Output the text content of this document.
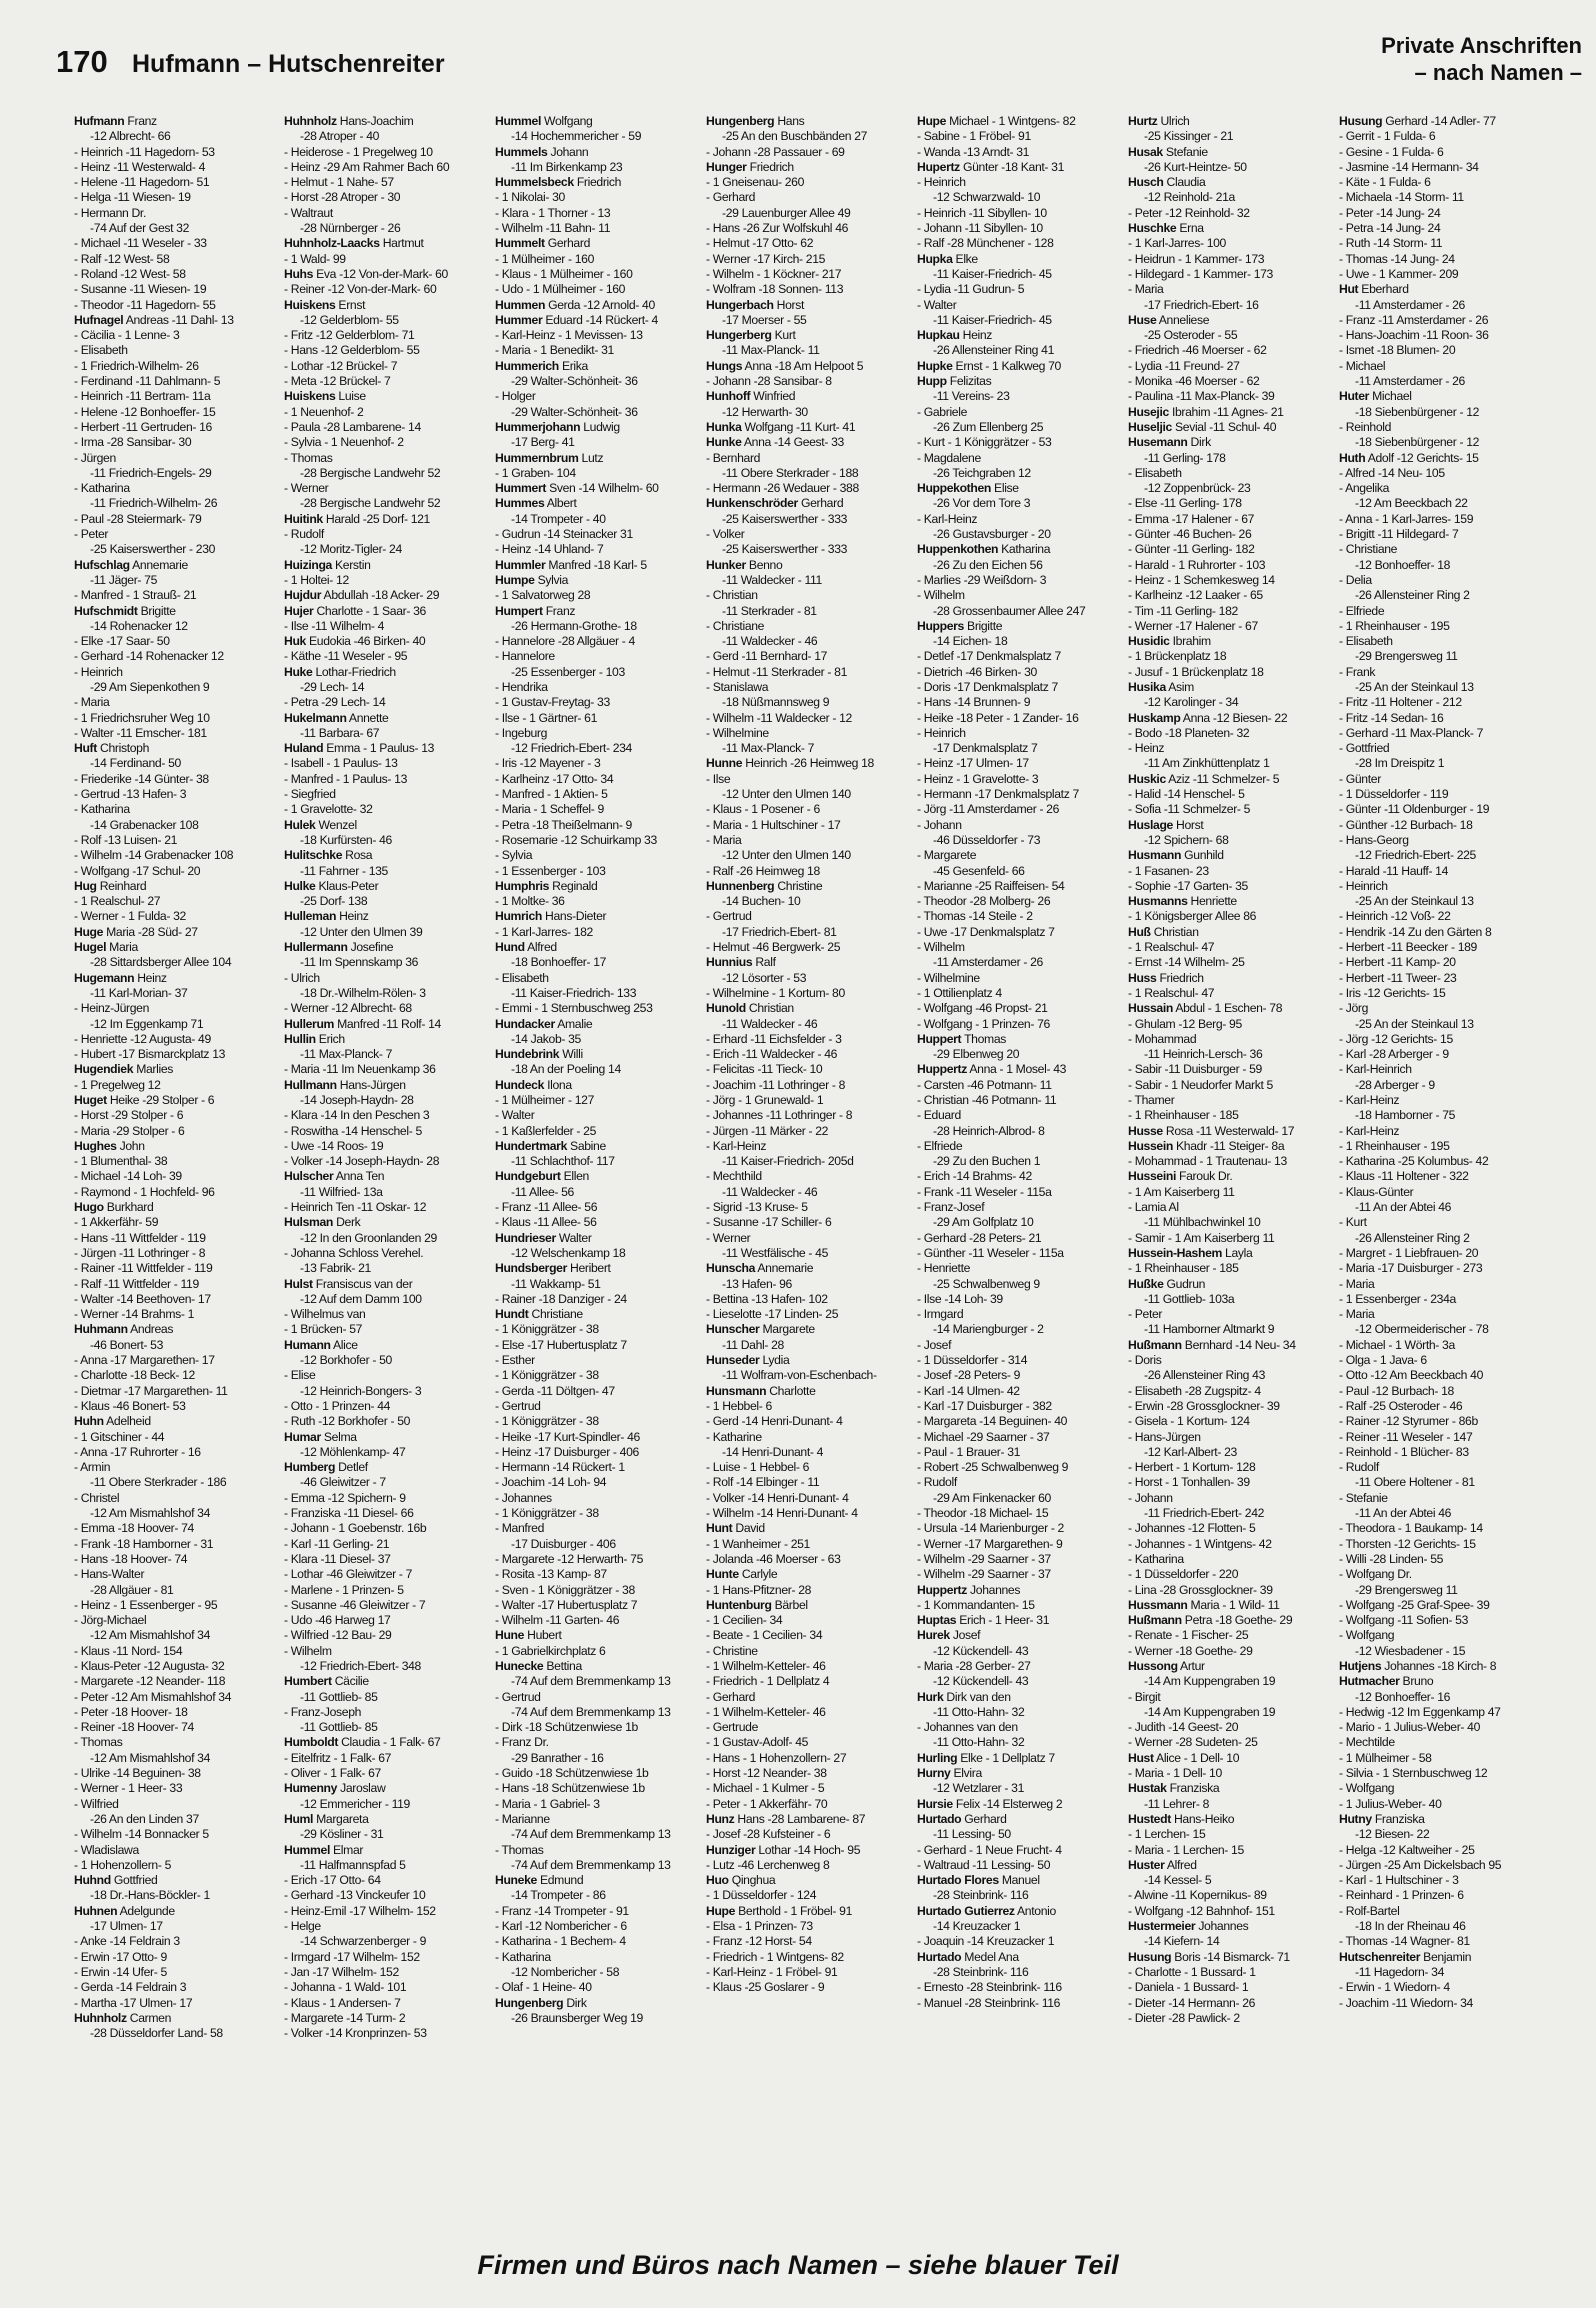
170 Hufmann – Hutschenreiter
Private Anschriften
– nach Namen –

Hufmann Franz

-12 Albrecht- 66

- Heinrich -11 Hagedorn- 53

- Heinz -11 Westerwald- 4

- Helene -11 Hagedorn- 51

- Helga -11 Wiesen- 19

- Hermann Dr.

-74 Auf der Gest 32

- Michael -11 Weseler - 33

- Ralf -12 West- 58

- Roland -12 West- 58

- Susanne -11 Wiesen- 19

- Theodor -11 Hagedorn- 55

Hufnagel Andreas -11 Dahl- 13

- Cäcilia - 1 Lenne- 3

- Elisabeth

- 1 Friedrich-Wilhelm- 26

- Ferdinand -11 Dahlmann- 5

- Heinrich -11 Bertram- 11a

- Helene -12 Bonhoeffer- 15

- Herbert -11 Gertruden- 16

- Irma -28 Sansibar- 30

- Jürgen

-11 Friedrich-Engels- 29

- Katharina

-11 Friedrich-Wilhelm- 26

- Paul -28 Steiermark- 79

- Peter

-25 Kaiserswerther - 230

Hufschlag Annemarie

-11 Jäger- 75

- Manfred - 1 Strauß- 21

Hufschmidt Brigitte

-14 Rohenacker 12

- Elke -17 Saar- 50

- Gerhard -14 Rohenacker 12

- Heinrich

-29 Am Siepenkothen 9

- Maria

- 1 Friedrichsruher Weg 10

- Walter -11 Emscher- 181

Huft Christoph

-14 Ferdinand- 50

- Friederike -14 Günter- 38

- Gertrud -13 Hafen- 3

- Katharina

-14 Grabenacker 108

- Rolf -13 Luisen- 21

- Wilhelm -14 Grabenacker 108

- Wolfgang -17 Schul- 20

Hug Reinhard

- 1 Realschul- 27

- Werner - 1 Fulda- 32

Huge Maria -28 Süd- 27

Hugel Maria

-28 Sittardsberger Allee 104

Hugemann Heinz

-11 Karl-Morian- 37

- Heinz-Jürgen

-12 Im Eggenkamp 71

- Henriette -12 Augusta- 49

- Hubert -17 Bismarckplatz 13

Hugendiek Marlies

- 1 Pregelweg 12

Huget Heike -29 Stolper - 6

- Horst -29 Stolper - 6

- Maria -29 Stolper - 6

Hughes John

- 1 Blumenthal- 38

- Michael -14 Loh- 39

- Raymond - 1 Hochfeld- 96

Hugo Burkhard

- 1 Akkerfähr- 59

- Hans -11 Wittfelder - 119

- Jürgen -11 Lothringer - 8

- Rainer -11 Wittfelder - 119

- Ralf -11 Wittfelder - 119

- Walter -14 Beethoven- 17

- Werner -14 Brahms- 1

Huhmann Andreas

-46 Bonert- 53

- Anna -17 Margarethen- 17

- Charlotte -18 Beck- 12

- Dietmar -17 Margarethen- 11

- Klaus -46 Bonert- 53

Huhn Adelheid

- 1 Gitschiner - 44

- Anna -17 Ruhrorter - 16

- Armin

-11 Obere Sterkrader - 186

- Christel

-12 Am Mismahlshof 34

- Emma -18 Hoover- 74

- Frank -18 Hamborner - 31

- Hans -18 Hoover- 74

- Hans-Walter

-28 Allgäuer - 81

- Heinz - 1 Essenberger - 95

- Jörg-Michael

-12 Am Mismahlshof 34

- Klaus -11 Nord- 154

- Klaus-Peter -12 Augusta- 32

- Margarete -12 Neander- 118

- Peter -12 Am Mismahlshof 34

- Peter -18 Hoover- 18

- Reiner -18 Hoover- 74

- Thomas

-12 Am Mismahlshof 34

- Ulrike -14 Beguinen- 38

- Werner - 1 Heer- 33

- Wilfried

-26 An den Linden 37

- Wilhelm -14 Bonnacker 5

- Wladislawa

- 1 Hohenzollern- 5

Huhnd Gottfried

-18 Dr.-Hans-Böckler- 1

Huhnen Adelgunde

-17 Ulmen- 17

- Anke -14 Feldrain 3

- Erwin -17 Otto- 9

- Erwin -14 Ufer- 5

- Gerda -14 Feldrain 3

- Martha -17 Ulmen- 17

Huhnholz Carmen

-28 Düsseldorfer Land- 58

Huhnholz Hans-Joachim

-28 Atroper - 40

- Heiderose - 1 Pregelweg 10

- Heinz -29 Am Rahmer Bach 60

- Helmut - 1 Nahe- 57

- Horst -28 Atroper - 30

- Waltraut

-28 Nürnberger - 26

Huhnholz-Laacks Hartmut

- 1 Wald- 99

Huhs Eva -12 Von-der-Mark- 60

- Reiner -12 Von-der-Mark- 60

Huiskens Ernst

-12 Gelderblom- 55

- Fritz -12 Gelderblom- 71

- Hans -12 Gelderblom- 55

- Lothar -12 Brückel- 7

- Meta -12 Brückel- 7

Huiskens Luise

- 1 Neuenhof- 2

- Paula -28 Lambarene- 14

- Sylvia - 1 Neuenhof- 2

- Thomas

-28 Bergische Landwehr 52

- Werner

-28 Bergische Landwehr 52

Huitink Harald -25 Dorf- 121

- Rudolf

-12 Moritz-Tigler- 24

Huizinga Kerstin

- 1 Holtei- 12

Hujdur Abdullah -18 Acker- 29

Hujer Charlotte - 1 Saar- 36

- Ilse -11 Wilhelm- 4

Huk Eudokia -46 Birken- 40

- Käthe -11 Weseler - 95

Huke Lothar-Friedrich

-29 Lech- 14

- Petra -29 Lech- 14

Hukelmann Annette

-11 Barbara- 67

Huland Emma - 1 Paulus- 13

- Isabell - 1 Paulus- 13

- Manfred - 1 Paulus- 13

- Siegfried

- 1 Gravelotte- 32

Hulek Wenzel

-18 Kurfürsten- 46

Hulitschke Rosa

-11 Fahrner - 135

Hulke Klaus-Peter

-25 Dorf- 138

Hulleman Heinz

-12 Unter den Ulmen 39

Hullermann Josefine

-11 Im Spennskamp 36

- Ulrich

-18 Dr.-Wilhelm-Rölen- 3

- Werner -12 Albrecht- 68

Hullerum Manfred -11 Rolf- 14

Hullin Erich

-11 Max-Planck- 7

- Maria -11 Im Neuenkamp 36

Hullmann Hans-Jürgen

-14 Joseph-Haydn- 28

- Klara -14 In den Peschen 3

- Roswitha -14 Henschel- 5

- Uwe -14 Roos- 19

- Volker -14 Joseph-Haydn- 28

Hulscher Anna Ten

-11 Wilfried- 13a

- Heinrich Ten -11 Oskar- 12

Hulsman Derk

-12 In den Groonlanden 29

- Johanna Schloss Verehel.

-13 Fabrik- 21

Hulst Fransiscus van der

-12 Auf dem Damm 100

- Wilhelmus van

- 1 Brücken- 57

Humann Alice

-12 Borkhofer - 50

- Elise

-12 Heinrich-Bongers- 3

- Otto - 1 Prinzen- 44

- Ruth -12 Borkhofer - 50

Humar Selma

-12 Möhlenkamp- 47

Humberg Detlef

-46 Gleiwitzer - 7

- Emma -12 Spichern- 9

- Franziska -11 Diesel- 66

- Johann - 1 Goebenstr. 16b

- Karl -11 Gerling- 21

- Klara -11 Diesel- 37

- Lothar -46 Gleiwitzer - 7

- Marlene - 1 Prinzen- 5

- Susanne -46 Gleiwitzer - 7

- Udo -46 Harweg 17

- Wilfried -12 Bau- 29

- Wilhelm

-12 Friedrich-Ebert- 348

Humbert Cäcilie

-11 Gottlieb- 85

- Franz-Joseph

-11 Gottlieb- 85

Humboldt Claudia - 1 Falk- 67

- Eitelfritz - 1 Falk- 67

- Oliver - 1 Falk- 67

Humenny Jaroslaw

-12 Emmericher - 119

Huml Margareta

-29 Kösliner - 31

Hummel Elmar

-11 Halfmannspfad 5

- Erich -17 Otto- 64

- Gerhard -13 Vinckeufer 10

- Heinz-Emil -17 Wilhelm- 152

- Helge

-14 Schwarzenberger - 9

- Irmgard -17 Wilhelm- 152

- Jan -17 Wilhelm- 152

- Johanna - 1 Wald- 101

- Klaus - 1 Andersen- 7

- Margarete -14 Turm- 2

- Volker -14 Kronprinzen- 53

Hummel Wolfgang

-14 Hochemmericher - 59

Hummels Johann

-11 Im Birkenkamp 23

Hummelsbeck Friedrich

- 1 Nikolai- 30

- Klara - 1 Thorner - 13

- Wilhelm -11 Bahn- 11

Hummelt Gerhard

- 1 Mülheimer - 160

- Klaus - 1 Mülheimer - 160

- Udo - 1 Mülheimer - 160

Hummen Gerda -12 Arnold- 40

Hummer Eduard -14 Rückert- 4

- Karl-Heinz - 1 Mevissen- 13

- Maria - 1 Benedikt- 31

Hummerich Erika

-29 Walter-Schönheit- 36

- Holger

-29 Walter-Schönheit- 36

Hummerjohann Ludwig

-17 Berg- 41

Hummernbrum Lutz

- 1 Graben- 104

Hummert Sven -14 Wilhelm- 60

Hummes Albert

-14 Trompeter - 40

- Gudrun -14 Steinacker 31

- Heinz -14 Uhland- 7

Hummler Manfred -18 Karl- 5

Humpe Sylvia

- 1 Salvatorweg 28

Humpert Franz

-26 Hermann-Grothe- 18

- Hannelore -28 Allgäuer - 4

- Hannelore

-25 Essenberger - 103

- Hendrika

- 1 Gustav-Freytag- 33

- Ilse - 1 Gärtner- 61

- Ingeburg

-12 Friedrich-Ebert- 234

- Iris -12 Mayener - 3

- Karlheinz -17 Otto- 34

- Manfred - 1 Aktien- 5

- Maria - 1 Scheffel- 9

- Petra -18 Theißelmann- 9

- Rosemarie -12 Schuirkamp 33

- Sylvia

- 1 Essenberger - 103

Humphris Reginald

- 1 Moltke- 36

Humrich Hans-Dieter

- 1 Karl-Jarres- 182

Hund Alfred

-18 Bonhoeffer- 17

- Elisabeth

-11 Kaiser-Friedrich- 133

- Emmi - 1 Sternbuschweg 253

Hundacker Amalie

-14 Jakob- 35

Hundebrink Willi

-18 An der Poeling 14

Hundeck Ilona

- 1 Mülheimer - 127

- Walter

- 1 Kaßlerfelder - 25

Hundertmark Sabine

-11 Schlachthof- 117

Hundgeburt Ellen

-11 Allee- 56

- Franz -11 Allee- 56

- Klaus -11 Allee- 56

Hundrieser Walter

-12 Welschenkamp 18

Hundsberger Heribert

-11 Wakkamp- 51

- Rainer -18 Danziger - 24

Hundt Christiane

- 1 Königgrätzer - 38

- Else -17 Hubertusplatz 7

- Esther

- 1 Königgrätzer - 38

- Gerda -11 Döltgen- 47

- Gertrud

- 1 Königgrätzer - 38

- Heike -17 Kurt-Spindler- 46

- Heinz -17 Duisburger - 406

- Hermann -14 Rückert- 1

- Joachim -14 Loh- 94

- Johannes

- 1 Königgrätzer - 38

- Manfred

-17 Duisburger - 406

- Margarete -12 Herwarth- 75

- Rosita -13 Kamp- 87

- Sven - 1 Königgrätzer - 38

- Walter -17 Hubertusplatz 7

- Wilhelm -11 Garten- 46

Hune Hubert

- 1 Gabrielkirchplatz 6

Hunecke Bettina

-74 Auf dem Bremmenkamp 13

- Gertrud

-74 Auf dem Bremmenkamp 13

- Dirk -18 Schützenwiese 1b

- Franz Dr.

-29 Banrather - 16

- Guido -18 Schützenwiese 1b

- Hans -18 Schützenwiese 1b

- Maria - 1 Gabriel- 3

- Marianne

-74 Auf dem Bremmenkamp 13

- Thomas

-74 Auf dem Bremmenkamp 13

Huneke Edmund

-14 Trompeter - 86

- Franz -14 Trompeter - 91

- Karl -12 Nombericher - 6

- Katharina - 1 Bechem- 4

- Katharina

-12 Nombericher - 58

- Olaf - 1 Heine- 40

Hungenberg Dirk

-26 Braunsberger Weg 19

Hungenberg Hans

-25 An den Buschbänden 27

- Johann -28 Passauer - 69

Hunger Friedrich

- 1 Gneisenau- 260

- Gerhard

-29 Lauenburger Allee 49

- Hans -26 Zur Wolfskuhl 46

- Helmut -17 Otto- 62

- Werner -17 Kirch- 215

- Wilhelm - 1 Köckner- 217

- Wolfram -18 Sonnen- 113

Hungerbach Horst

-17 Moerser - 55

Hungerberg Kurt

-11 Max-Planck- 11

Hungs Anna -18 Am Helpoot 5

- Johann -28 Sansibar- 8

Hunhoff Winfried

-12 Herwarth- 30

Hunka Wolfgang -11 Kurt- 41

Hunke Anna -14 Geest- 33

- Bernhard

-11 Obere Sterkrader - 188

- Hermann -26 Wedauer - 388

Hunkenschröder Gerhard

-25 Kaiserswerther - 333

- Volker

-25 Kaiserswerther - 333

Hunker Benno

-11 Waldecker - 111

- Christian

-11 Sterkrader - 81

- Christiane

-11 Waldecker - 46

- Gerd -11 Bernhard- 17

- Helmut -11 Sterkrader - 81

- Stanislawa

-18 Nüßmannsweg 9

- Wilhelm -11 Waldecker - 12

- Wilhelmine

-11 Max-Planck- 7

Hunne Heinrich -26 Heimweg 18

- Ilse

-12 Unter den Ulmen 140

- Klaus - 1 Posener - 6

- Maria - 1 Hultschiner - 17

- Maria

-12 Unter den Ulmen 140

- Ralf -26 Heimweg 18

Hunnenberg Christine

-14 Buchen- 10

- Gertrud

-17 Friedrich-Ebert- 81

- Helmut -46 Bergwerk- 25

Hunnius Ralf

-12 Lösorter - 53

- Wilhelmine - 1 Kortum- 80

Hunold Christian

-11 Waldecker - 46

- Erhard -11 Eichsfelder - 3

- Erich -11 Waldecker - 46

- Felicitas -11 Tieck- 10

- Joachim -11 Lothringer - 8

- Jörg - 1 Grunewald- 1

- Johannes -11 Lothringer - 8

- Jürgen -11 Märker - 22

- Karl-Heinz

-11 Kaiser-Friedrich- 205d

- Mechthild

-11 Waldecker - 46

- Sigrid -13 Kruse- 5

- Susanne -17 Schiller- 6

- Werner

-11 Westfälische - 45

Hunscha Annemarie

-13 Hafen- 96

- Bettina -13 Hafen- 102

- Lieselotte -17 Linden- 25

Hunscher Margarete

-11 Dahl- 28

Hunseder Lydia

-11 Wolfram-von-Eschenbach-

Hunsmann Charlotte

- 1 Hebbel- 6

- Gerd -14 Henri-Dunant- 4

- Katharine

-14 Henri-Dunant- 4

- Luise - 1 Hebbel- 6

- Rolf -14 Elbinger - 11

- Volker -14 Henri-Dunant- 4

- Wilhelm -14 Henri-Dunant- 4

Hunt David

- 1 Wanheimer - 251

- Jolanda -46 Moerser - 63

Hunte Carlyle

- 1 Hans-Pfitzner- 28

Huntenburg Bärbel

- 1 Cecilien- 34

- Beate - 1 Cecilien- 34

- Christine

- 1 Wilhelm-Ketteler- 46

- Friedrich - 1 Dellplatz 4

- Gerhard

- 1 Wilhelm-Ketteler- 46

- Gertrude

- 1 Gustav-Adolf- 45

- Hans - 1 Hohenzollern- 27

- Horst -12 Neander- 38

- Michael - 1 Kulmer - 5

- Peter - 1 Akkerfähr- 70

Hunz Hans -28 Lambarene- 87

- Josef -28 Kufsteiner - 6

Hunziger Lothar -14 Hoch- 95

- Lutz -46 Lerchenweg 8

Huo Qinghua

- 1 Düsseldorfer - 124

Hupe Berthold - 1 Fröbel- 91

- Elsa - 1 Prinzen- 73

- Franz -12 Horst- 54

- Friedrich - 1 Wintgens- 82

- Karl-Heinz - 1 Fröbel- 91

- Klaus -25 Goslarer - 9

Hupe Michael - 1 Wintgens- 82

- Sabine - 1 Fröbel- 91

- Wanda -13 Arndt- 31

Hupertz Günter -18 Kant- 31

- Heinrich

-12 Schwarzwald- 10

- Heinrich -11 Sibyllen- 10

- Johann -11 Sibyllen- 10

- Ralf -28 Münchener - 128

Hupka Elke

-11 Kaiser-Friedrich- 45

- Lydia -11 Gudrun- 5

- Walter

-11 Kaiser-Friedrich- 45

Hupkau Heinz

-26 Allensteiner Ring 41

Hupke Ernst - 1 Kalkweg 70

Hupp Felizitas

-11 Vereins- 23

- Gabriele

-26 Zum Ellenberg 25

- Kurt - 1 Königgrätzer - 53

- Magdalene

-26 Teichgraben 12

Huppekothen Elise

-26 Vor dem Tore 3

- Karl-Heinz

-26 Gustavsburger - 20

Huppenkothen Katharina

-26 Zu den Eichen 56

- Marlies -29 Weißdorn- 3

- Wilhelm

-28 Grossenbaumer Allee 247

Huppers Brigitte

-14 Eichen- 18

- Detlef -17 Denkmalsplatz 7

- Dietrich -46 Birken- 30

- Doris -17 Denkmalsplatz 7

- Hans -14 Brunnen- 9

- Heike -18 Peter - 1 Zander- 16

- Heinrich

-17 Denkmalsplatz 7

- Heinz -17 Ulmen- 17

- Heinz - 1 Gravelotte- 3

- Hermann -17 Denkmalsplatz 7

- Jörg -11 Amsterdamer - 26

- Johann

-46 Düsseldorfer - 73

- Margarete

-45 Gesenfeld- 66

- Marianne -25 Raiffeisen- 54

- Theodor -28 Molberg- 26

- Thomas -14 Steile - 2

- Uwe -17 Denkmalsplatz 7

- Wilhelm

-11 Amsterdamer - 26

- Wilhelmine

- 1 Ottilienplatz 4

- Wolfgang -46 Propst- 21

- Wolfgang - 1 Prinzen- 76

Huppert Thomas

-29 Elbenweg 20

Huppertz Anna - 1 Mosel- 43

- Carsten -46 Potmann- 11

- Christian -46 Potmann- 11

- Eduard

-28 Heinrich-Albrod- 8

- Elfriede

-29 Zu den Buchen 1

- Erich -14 Brahms- 42

- Frank -11 Weseler - 115a

- Franz-Josef

-29 Am Golfplatz 10

- Gerhard -28 Peters- 21

- Günther -11 Weseler - 115a

- Henriette

-25 Schwalbenweg 9

- Ilse -14 Loh- 39

- Irmgard

-14 Mariengburger - 2

- Josef

- 1 Düsseldorfer - 314

- Josef -28 Peters- 9

- Karl -14 Ulmen- 42

- Karl -17 Duisburger - 382

- Margareta -14 Beguinen- 40

- Michael -29 Saarner - 37

- Paul - 1 Brauer- 31

- Robert -25 Schwalbenweg 9

- Rudolf

-29 Am Finkenacker 60

- Theodor -18 Michael- 15

- Ursula -14 Marienburger - 2

- Werner -17 Margarethen- 9

- Wilhelm -29 Saarner - 37

- Wilhelm -29 Saarner - 37

Huppertz Johannes

- 1 Kommandanten- 15

Huptas Erich - 1 Heer- 31

Hurek Josef

-12 Kückendell- 43

- Maria -28 Gerber- 27

-12 Kückendell- 43

Hurk Dirk van den

-11 Otto-Hahn- 32

- Johannes van den

-11 Otto-Hahn- 32

Hurling Elke - 1 Dellplatz 7

Hurny Elvira

-12 Wetzlarer - 31

Hursie Felix -14 Elsterweg 2

Hurtado Gerhard

-11 Lessing- 50

- Gerhard - 1 Neue Frucht- 4

- Waltraud -11 Lessing- 50

Hurtado Flores Manuel

-28 Steinbrink- 116

Hurtado Gutierrez Antonio

-14 Kreuzacker 1

- Joaquin -14 Kreuzacker 1

Hurtado Medel Ana

-28 Steinbrink- 116

- Ernesto -28 Steinbrink- 116

- Manuel -28 Steinbrink- 116

Hurtz Ulrich

-25 Kissinger - 21

Husak Stefanie

-26 Kurt-Heintze- 50

Husch Claudia

-12 Reinhold- 21a

- Peter -12 Reinhold- 32

Huschke Erna

- 1 Karl-Jarres- 100

- Heidrun - 1 Kammer- 173

- Hildegard - 1 Kammer- 173

- Maria

-17 Friedrich-Ebert- 16

Huse Anneliese

-25 Osteroder - 55

- Friedrich -46 Moerser - 62

- Lydia -11 Freund- 27

- Monika -46 Moerser - 62

- Paulina -11 Max-Planck- 39

Husejic Ibrahim -11 Agnes- 21

Huseljic Sevial -11 Schul- 40

Husemann Dirk

-11 Gerling- 178

- Elisabeth

-12 Zoppenbrück- 23

- Else -11 Gerling- 178

- Emma -17 Halener - 67

- Günter -46 Buchen- 26

- Günter -11 Gerling- 182

- Harald - 1 Ruhrorter - 103

- Heinz - 1 Schemkesweg 14

- Karlheinz -12 Laaker - 65

- Tim -11 Gerling- 182

- Werner -17 Halener - 67

Husidic Ibrahim

- 1 Brückenplatz 18

- Jusuf - 1 Brückenplatz 18

Husika Asim

-12 Karolinger - 34

Huskamp Anna -12 Biesen- 22

- Bodo -18 Planeten- 32

- Heinz

-11 Am Zinkhüttenplatz 1

Huskic Aziz -11 Schmelzer- 5

- Halid -14 Henschel- 5

- Sofia -11 Schmelzer- 5

Huslage Horst

-12 Spichern- 68

Husmann Gunhild

- 1 Fasanen- 23

- Sophie -17 Garten- 35

Husmanns Henriette

- 1 Königsberger Allee 86

Huß Christian

- 1 Realschul- 47

- Ernst -14 Wilhelm- 25

Huss Friedrich

- 1 Realschul- 47

Hussain Abdul - 1 Eschen- 78

- Ghulam -12 Berg- 95

- Mohammad

-11 Heinrich-Lersch- 36

- Sabir -11 Duisburger - 59

- Sabir - 1 Neudorfer Markt 5

- Thamer

- 1 Rheinhauser - 185

Husse Rosa -11 Westerwald- 17

Hussein Khadr -11 Steiger- 8a

- Mohammad - 1 Trautenau- 13

Husseini Farouk Dr.

- 1 Am Kaiserberg 11

- Lamia Al

-11 Mühlbachwinkel 10

- Samir - 1 Am Kaiserberg 11

Hussein-Hashem Layla

- 1 Rheinhauser - 185

Hußke Gudrun

-11 Gottlieb- 103a

- Peter

-11 Hamborner Altmarkt 9

Hußmann Bernhard -14 Neu- 34

- Doris

-26 Allensteiner Ring 43

- Elisabeth -28 Zugspitz- 4

- Erwin -28 Grossglockner- 39

- Gisela - 1 Kortum- 124

- Hans-Jürgen

-12 Karl-Albert- 23

- Herbert - 1 Kortum- 128

- Horst - 1 Tonhallen- 39

- Johann

-11 Friedrich-Ebert- 242

- Johannes -12 Flotten- 5

- Johannes - 1 Wintgens- 42

- Katharina

- 1 Düsseldorfer - 220

- Lina -28 Grossglockner- 39

Hussmann Maria - 1 Wild- 11

Hußmann Petra -18 Goethe- 29

- Renate - 1 Fischer- 25

- Werner -18 Goethe- 29

Hussong Artur

-14 Am Kuppengraben 19

- Birgit

-14 Am Kuppengraben 19

- Judith -14 Geest- 20

- Werner -28 Sudeten- 25

Hust Alice - 1 Dell- 10

- Maria - 1 Dell- 10

Hustak Franziska

-11 Lehrer- 8

Hustedt Hans-Heiko

- 1 Lerchen- 15

- Maria - 1 Lerchen- 15

Huster Alfred

-14 Kessel- 5

- Alwine -11 Kopernikus- 89

- Wolfgang -12 Bahnhof- 151

Hustermeier Johannes

-14 Kiefern- 14

Husung Boris -14 Bismarck- 71

- Charlotte - 1 Bussard- 1

- Daniela - 1 Bussard- 1

- Dieter -14 Hermann- 26

- Dieter -28 Pawlick- 2

Husung Gerhard -14 Adler- 77

- Gerrit - 1 Fulda- 6

- Gesine - 1 Fulda- 6

- Jasmine -14 Hermann- 34

- Käte - 1 Fulda- 6

- Michaela -14 Storm- 11

- Peter -14 Jung- 24

- Petra -14 Jung- 24

- Ruth -14 Storm- 11

- Thomas -14 Jung- 24

- Uwe - 1 Kammer- 209

Hut Eberhard

-11 Amsterdamer - 26

- Franz -11 Amsterdamer - 26

- Hans-Joachim -11 Roon- 36

- Ismet -18 Blumen- 20

- Michael

-11 Amsterdamer - 26

Huter Michael

-18 Siebenbürgener - 12

- Reinhold

-18 Siebenbürgener - 12

Huth Adolf -12 Gerichts- 15

- Alfred -14 Neu- 105

- Angelika

-12 Am Beeckbach 22

- Anna - 1 Karl-Jarres- 159

- Brigitt -11 Hildegard- 7

- Christiane

-12 Bonhoeffer- 18

- Delia

-26 Allensteiner Ring 2

- Elfriede

- 1 Rheinhauser - 195

- Elisabeth

-29 Brengersweg 11

- Frank

-25 An der Steinkaul 13

- Fritz -11 Holtener - 212

- Fritz -14 Sedan- 16

- Gerhard -11 Max-Planck- 7

- Gottfried

-28 Im Dreispitz 1

- Günter

- 1 Düsseldorfer - 119

- Günter -11 Oldenburger - 19

- Günther -12 Burbach- 18

- Hans-Georg

-12 Friedrich-Ebert- 225

- Harald -11 Hauff- 14

- Heinrich

-25 An der Steinkaul 13

- Heinrich -12 Voß- 22

- Hendrik -14 Zu den Gärten 8

- Herbert -11 Beecker - 189

- Herbert -11 Kamp- 20

- Herbert -11 Tweer- 23

- Iris -12 Gerichts- 15

- Jörg

-25 An der Steinkaul 13

- Jörg -12 Gerichts- 15

- Karl -28 Arberger - 9

- Karl-Heinrich

-28 Arberger - 9

- Karl-Heinz

-18 Hamborner - 75

- Karl-Heinz

- 1 Rheinhauser - 195

- Katharina -25 Kolumbus- 42

- Klaus -11 Holtener - 322

- Klaus-Günter

-11 An der Abtei 46

- Kurt

-26 Allensteiner Ring 2

- Margret - 1 Liebfrauen- 20

- Maria -17 Duisburger - 273

- Maria

- 1 Essenberger - 234a

- Maria

-12 Obermeiderischer - 78

- Michael - 1 Wörth- 3a

- Olga - 1 Java- 6

- Otto -12 Am Beeckbach 40

- Paul -12 Burbach- 18

- Ralf -25 Osteroder - 46

- Rainer -12 Styrumer - 86b

- Reiner -11 Weseler - 147

- Reinhold - 1 Blücher- 83

- Rudolf

-11 Obere Holtener - 81

- Stefanie

-11 An der Abtei 46

- Theodora - 1 Baukamp- 14

- Thorsten -12 Gerichts- 15

- Willi -28 Linden- 55

- Wolfgang Dr.

-29 Brengersweg 11

- Wolfgang -25 Graf-Spee- 39

- Wolfgang -11 Sofien- 53

- Wolfgang

-12 Wiesbadener - 15

Hutjens Johannes -18 Kirch- 8

Hutmacher Bruno

-12 Bonhoeffer- 16

- Hedwig -12 Im Eggenkamp 47

- Mario - 1 Julius-Weber- 40

- Mechtilde

- 1 Mülheimer - 58

- Silvia - 1 Sternbuschweg 12

- Wolfgang

- 1 Julius-Weber- 40

Hutny Franziska

-12 Biesen- 22

- Helga -12 Kaltweiher - 25

- Jürgen -25 Am Dickelsbach 95

- Karl - 1 Hultschiner - 3

- Reinhard - 1 Prinzen- 6

- Rolf-Bartel

-18 In der Rheinau 46

- Thomas -14 Wagner- 81

Hutschenreiter Benjamin

-11 Hagedorn- 34

- Erwin - 1 Wiedorn- 4

- Joachim -11 Wiedorn- 34

Firmen und Büros nach Namen – siehe blauer Teil
